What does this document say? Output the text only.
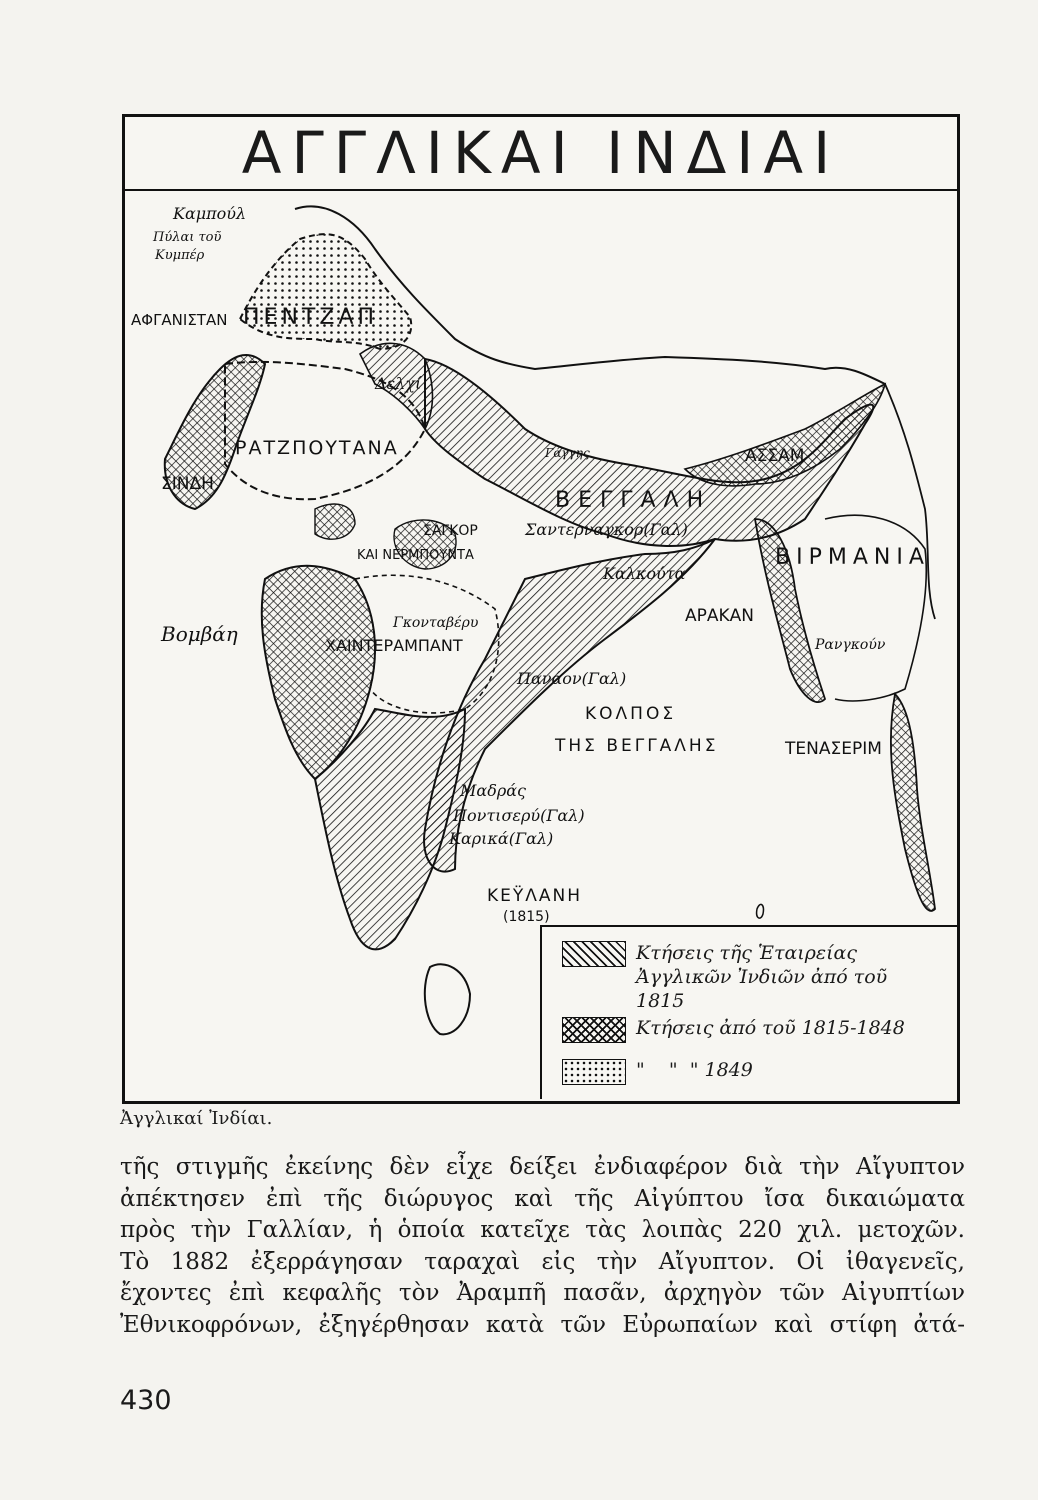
ΑΓΓΛΙΚΑΙ ΙΝΔΙΑΙ
Καμπούλ
Πύλαι τοῦ
Κυμπέρ
ΑΦΓΑΝΙΣΤΑΝ ΠΕΝΤΖΑΠ
Δελχί
ΡΑΤΖΠΟΥΤΑΝΑ
ΣΙΝΔΗ
Γάγγης	ΑΣΣΑΜ
ΒΕΓΓΑΛΗ
ΣΑΓΚΟΡ
ΚΑΙ ΝΕΡΜΠΟΥΝΤΑ
Σαντερναγκόρ(Γαλ)
ΒΙΡΜΑΝΙΑ
Καλκούτα
Βομβάη	Γκονταβέρυ
ΧΑΙΝΤΕΡΑΜΠΑΝΤ
ΑΡΑΚΑΝ
Ρανγκούν
Πανάον(Γαλ)
ΚΟΛΠΟΣ
ΤΗΣ ΒΕΓΓΑΛΗΣ	ΤΕΝΑΣΕΡΙΜ
Μαδράς
Ποντισερύ(Γαλ)
Καρικά(Γαλ)
ΚΕΫΛΑΝΗ
(1815)
Κτήσεις τῆς Ἑταιρείας Ἀγγλικῶν Ἰνδιῶν ἀπό τοῦ 1815
Κτήσεις ἀπό τοῦ 1815-1848
"    "  " 1849
Ἀγγλικαί Ἰνδίαι.
τῆς στιγμῆς ἐκείνης δὲν εἶχε δείξει ἐνδιαφέρον διὰ τὴν Αἴγυπτον
ἀπέκτησεν ἐπὶ τῆς διώρυγος καὶ τῆς Αἰγύπτου ἴσα δικαιώματα
πρὸς τὴν Γαλλίαν, ἡ ὁποία κατεῖχε τὰς λοιπὰς 220 χιλ. μετοχῶν.
Τὸ 1882 ἐξερράγησαν ταραχαὶ εἰς τὴν Αἴγυπτον. Οἱ ἰθαγενεῖς,
ἔχοντες ἐπὶ κεφαλῆς τὸν Ἀραμπῆ πασᾶν, ἀρχηγὸν τῶν Αἰγυπτίων
Ἐθνικοφρόνων, ἐξηγέρθησαν κατὰ τῶν Εὐρωπαίων καὶ στίφη ἀτά-
430
